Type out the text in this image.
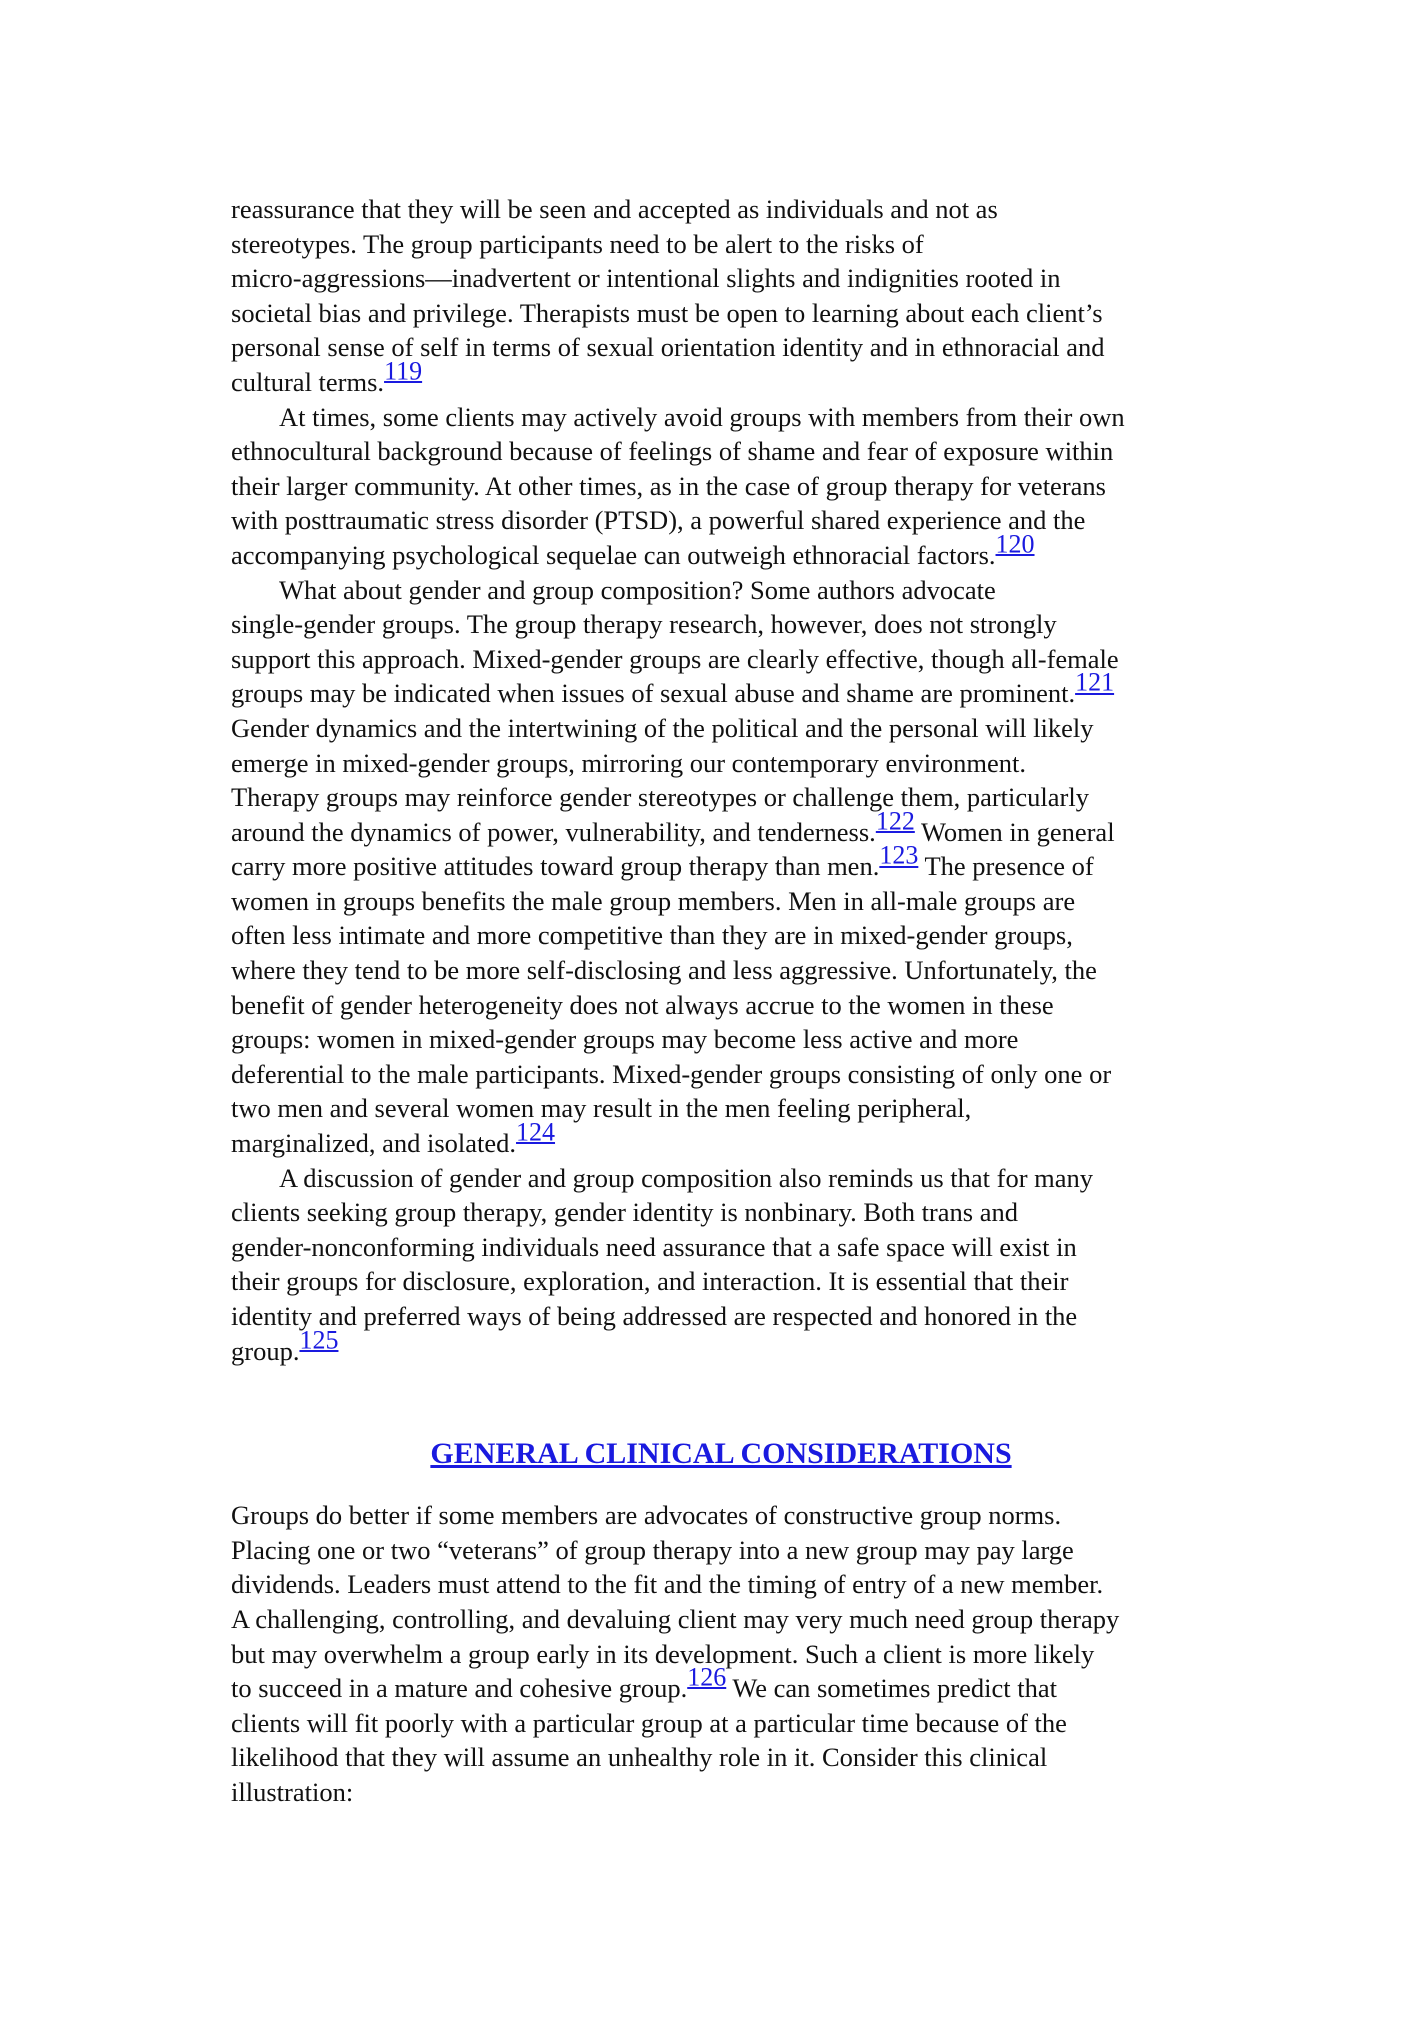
reassurance that they will be seen and accepted as individuals and not as
stereotypes. The group participants need to be alert to the risks of
micro-aggressions—inadvertent or intentional slights and indignities rooted in
societal bias and privilege. Therapists must be open to learning about each client’s
personal sense of self in terms of sexual orientation identity and in ethnoracial and
cultural terms.119

At times, some clients may actively avoid groups with members from their own
ethnocultural background because of feelings of shame and fear of exposure within
their larger community. At other times, as in the case of group therapy for veterans
with posttraumatic stress disorder (PTSD), a powerful shared experience and the
accompanying psychological sequelae can outweigh ethnoracial factors.120

What about gender and group composition? Some authors advocate
single-gender groups. The group therapy research, however, does not strongly
support this approach. Mixed-gender groups are clearly effective, though all-female
groups may be indicated when issues of sexual abuse and shame are prominent.121
Gender dynamics and the intertwining of the political and the personal will likely
emerge in mixed-gender groups, mirroring our contemporary environment.
Therapy groups may reinforce gender stereotypes or challenge them, particularly
around the dynamics of power, vulnerability, and tenderness.122 Women in general
carry more positive attitudes toward group therapy than men.123 The presence of
women in groups benefits the male group members. Men in all-male groups are
often less intimate and more competitive than they are in mixed-gender groups,
where they tend to be more self-disclosing and less aggressive. Unfortunately, the
benefit of gender heterogeneity does not always accrue to the women in these
groups: women in mixed-gender groups may become less active and more
deferential to the male participants. Mixed-gender groups consisting of only one or
two men and several women may result in the men feeling peripheral,
marginalized, and isolated.124

A discussion of gender and group composition also reminds us that for many
clients seeking group therapy, gender identity is nonbinary. Both trans and
gender-nonconforming individuals need assurance that a safe space will exist in
their groups for disclosure, exploration, and interaction. It is essential that their
identity and preferred ways of being addressed are respected and honored in the
group.125

GENERAL CLINICAL CONSIDERATIONS

Groups do better if some members are advocates of constructive group norms.
Placing one or two “veterans” of group therapy into a new group may pay large
dividends. Leaders must attend to the fit and the timing of entry of a new member.
A challenging, controlling, and devaluing client may very much need group therapy
but may overwhelm a group early in its development. Such a client is more likely
to succeed in a mature and cohesive group.126 We can sometimes predict that
clients will fit poorly with a particular group at a particular time because of the
likelihood that they will assume an unhealthy role in it. Consider this clinical
illustration:
